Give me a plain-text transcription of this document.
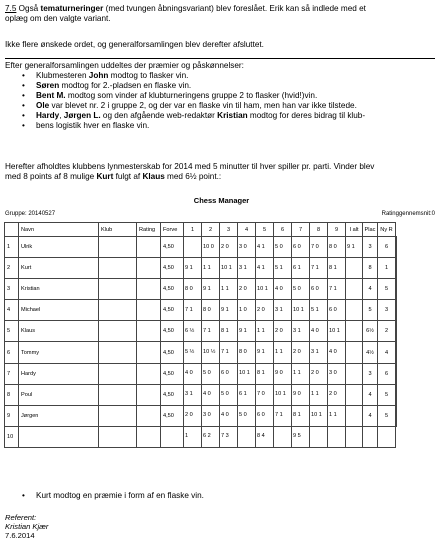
7.5 Også tematurneringer (med tvungen åbningsvariant) blev foreslået. Erik kan så indlede med et

oplæg om den valgte variant.

Ikke flere ønskede ordet, og generalforsamlingen blev derefter afsluttet.

Efter generalforsamlingen uddeltes der præmier og påskønnelser:

• Klubmesteren John modtog to flasker vin.
• Søren modtog for 2.-pladsen en flaske vin.
• Bent M. modtog som vinder af klubturneringens gruppe 2 to flasker (hvid!)vin.
• Ole var blevet nr. 2 i gruppe 2, og der var en flaske vin til ham, men han var ikke tilstede.
• Hardy, Jørgen L. og den afgående web-redaktør Kristian modtog for deres bidrag til klub-
• bens logistik hver en flaske vin.

Herefter afholdtes klubbens lynmesterskab for 2014 med 5 minutter til hver spiller pr. parti. Vinder blev

med 8 points af 8 mulige Kurt fulgt af Klaus med 6½ point.:

Chess Manager
Gruppe: 20140527	Ratinggennemsnit:0
	Navn	Klub	Rating	Forve	1	2	3	4	5	6	7	8	9	I alt	Plac	Ny R	
1	Ulrik			4,50		10 0	2 0	3 0	4 1	5 0	6 0	7 0	8 0	9 1	3	6	
2	Kurt			4,50	9 1	1 1	10 1	3 1	4 1	5 1	6 1	7 1	8 1		8	1	
3	Kristian			4,50	8 0	9 1	1 1	2 0	10 1	4 0	5 0	6 0	7 1		4	5	
4	Michael			4,50	7 1	8 0	9 1	1 0	2 0	3 1	10 1	5 1	6 0		5	3	
5	Klaus			4,50	6 ½	7 1	8 1	9 1	1 1	2 0	3 1	4 0	10 1		6½	2	
6	Tommy			4,50	5 ½	10 ½	7 1	8 0	9 1	1 1	2 0	3 1	4 0		4½	4	
7	Hardy			4,50	4 0	5 0	6 0	10 1	8 1	9 0	1 1	2 0	3 0		3	6	
8	Poul			4,50	3 1	4 0	5 0	6 1	7 0	10 1	9 0	1 1	2 0		4	5	
9	Jørgen			4,50	2 0	3 0	4 0	5 0	6 0	7 1	8 1	10 1	1 1		4	5	
10					1	6 2	7 3		8 4		9 5						
• Kurt modtog en præmie i form af en flaske vin.
Referent:
Kristian Kjær
7.6.2014
